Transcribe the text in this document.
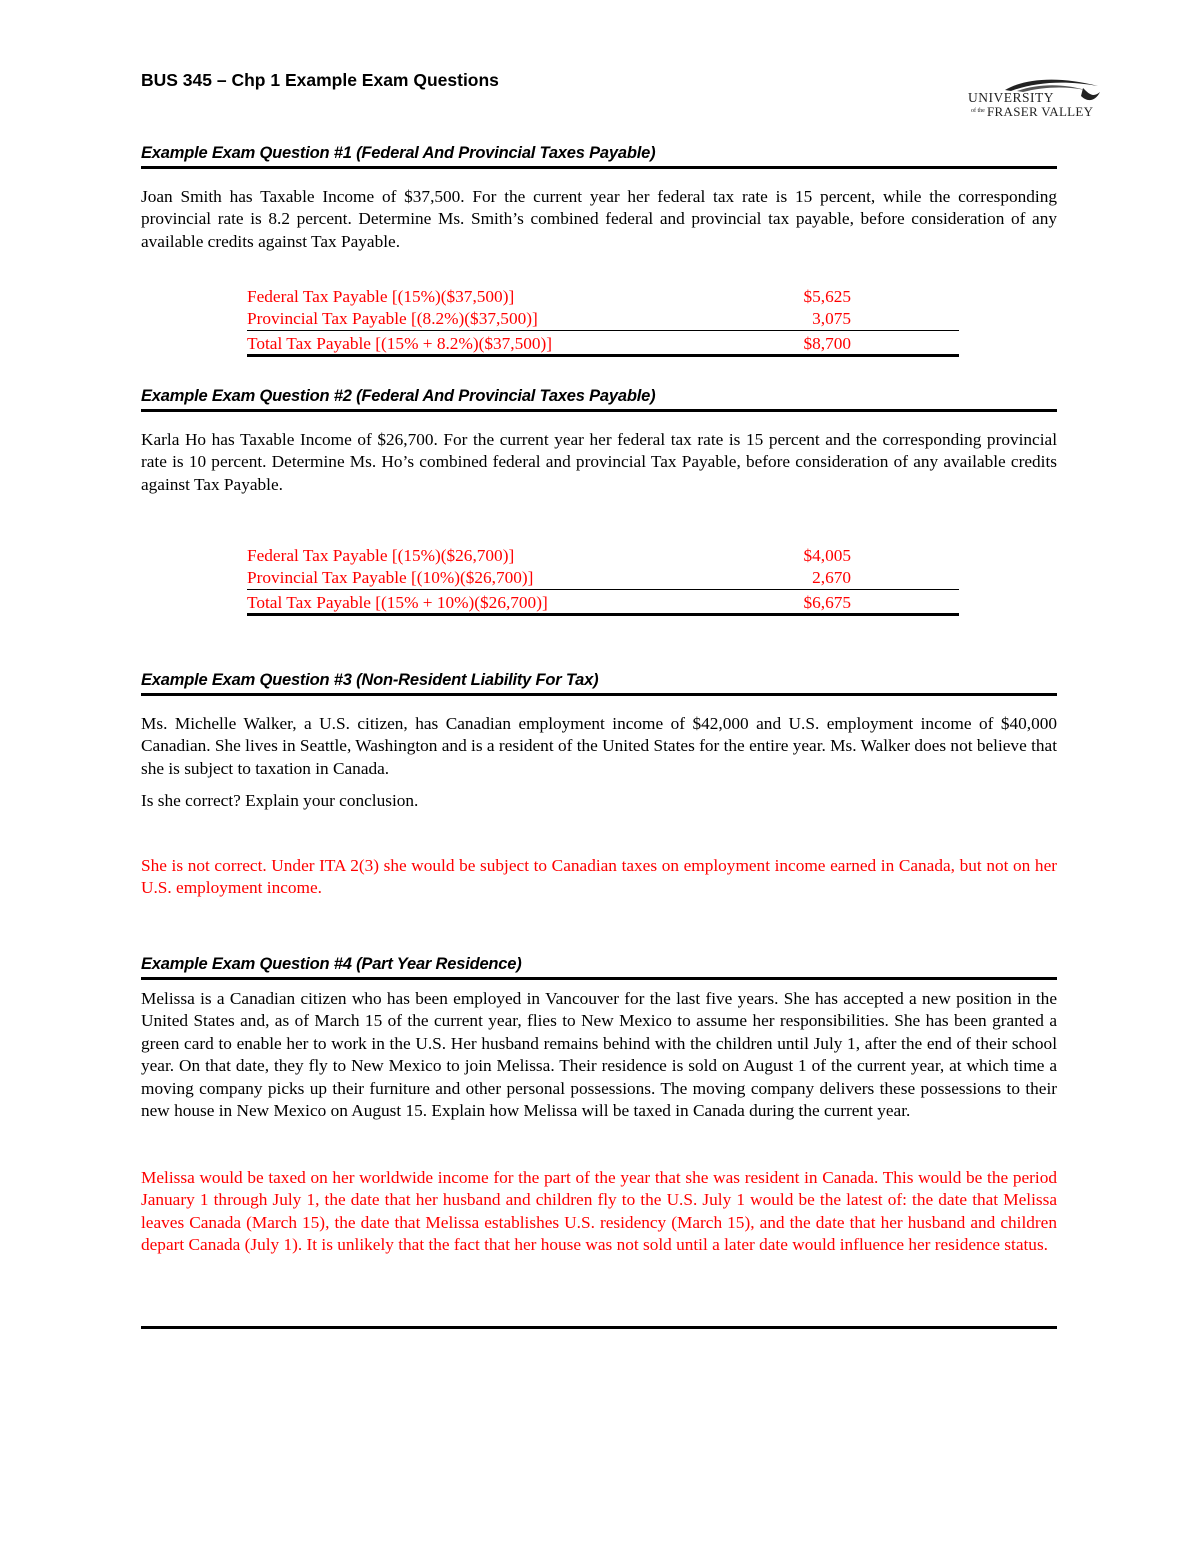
BUS 345 – Chp 1 Example Exam Questions
UNIVERSITY
of the FRASER VALLEY
Example Exam Question #1 (Federal And Provincial Taxes Payable)

Joan Smith has Taxable Income of $37,500. For the current year her federal tax rate is 15 percent, while the corresponding provincial rate is 8.2 percent. Determine Ms. Smith’s combined federal and provincial tax payable, before consideration of any available credits against Tax Payable.

Federal Tax Payable [(15%)($37,500)]	$5,625
Provincial Tax Payable [(8.2%)($37,500)]	3,075
Total Tax Payable [(15% + 8.2%)($37,500)]	$8,700
Example Exam Question #2 (Federal And Provincial Taxes Payable)

Karla Ho has Taxable Income of $26,700. For the current year her federal tax rate is 15 percent and the corresponding provincial rate is 10 percent. Determine Ms. Ho’s combined federal and provincial Tax Payable, before consideration of any available credits against Tax Payable.

Federal Tax Payable [(15%)($26,700)]	$4,005
Provincial Tax Payable [(10%)($26,700)]	2,670
Total Tax Payable [(15% + 10%)($26,700)]	$6,675
Example Exam Question #3 (Non-Resident Liability For Tax)

Ms. Michelle Walker, a U.S. citizen, has Canadian employment income of $42,000 and U.S. employment income of $40,000 Canadian. She lives in Seattle, Washington and is a resident of the United States for the entire year. Ms. Walker does not believe that she is subject to taxation in Canada.

Is she correct? Explain your conclusion.

She is not correct. Under ITA 2(3) she would be subject to Canadian taxes on employment income earned in Canada, but not on her U.S. employment income.

Example Exam Question #4 (Part Year Residence)

Melissa is a Canadian citizen who has been employed in Vancouver for the last five years. She has accepted a new position in the United States and, as of March 15 of the current year, flies to New Mexico to assume her responsibilities. She has been granted a green card to enable her to work in the U.S. Her husband remains behind with the children until July 1, after the end of their school year. On that date, they fly to New Mexico to join Melissa. Their residence is sold on August 1 of the current year, at which time a moving company picks up their furniture and other personal possessions. The moving company delivers these possessions to their new house in New Mexico on August 15. Explain how Melissa will be taxed in Canada during the current year.

Melissa would be taxed on her worldwide income for the part of the year that she was resident in Canada. This would be the period January 1 through July 1, the date that her husband and children fly to the U.S. July 1 would be the latest of: the date that Melissa leaves Canada (March 15), the date that Melissa establishes U.S. residency (March 15), and the date that her husband and children depart Canada (July 1). It is unlikely that the fact that her house was not sold until a later date would influence her residence status.
